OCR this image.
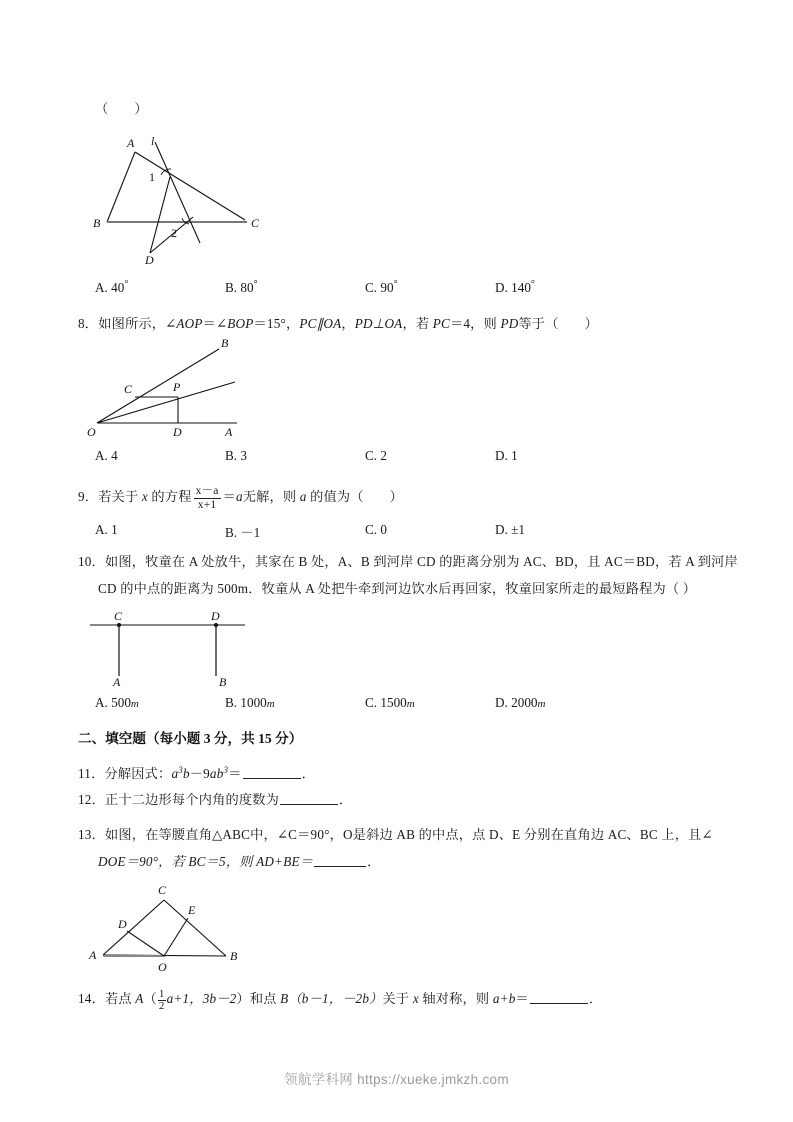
（ ）
A l
1
B
2
D
C
A. 40°	B. 80°	C. 90°	D. 140°
8．如图所示，∠AOP＝∠BOP＝15°，PC∥OA，PD⊥OA，若 PC＝4，则 PD等于（ ）
B
C	P
O	D	A
A. 4	B. 3	C. 2	D. 1
9．若关于 x 的方程 $\frac{x-a}{x+1} =a$无解，则 a 的值为（ ）
A. 1	B. －1	C. 0	D. ±1
10．如图，牧童在 A 处放牛，其家在 B 处，A、B 到河岸 CD 的距离分别为 AC、BD，且 AC＝BD，若 A 到河岸
CD 的中点的距离为 500m．牧童从 A 处把牛牵到河边饮水后再回家，牧童回家所走的最短路程为（ ）
C	D
A	B
A. 500m	B. 1000m	C. 1500m	D. 2000m
二、填空题（每小题 3 分，共 15 分）
11．分解因式：$a^3b-9ab^3=$	．
12．正十二边形每个内角的度数为	．
13．如图，在等腰直角△ABC中，∠C＝90°，O是斜边 AB 的中点，点 D、E 分别在直角边 AC、BC 上，且∠
DOE＝90°，若 BC＝5，则 AD+BE＝	．
C
E
D
A
O
B
14．若点 $A( \frac{1}{2} a+1$，3b－2）和点 B（b－1，－2b）关于 x 轴对称，则 a+b＝	．
领航学科网 https://xueke.jmkzh.com
